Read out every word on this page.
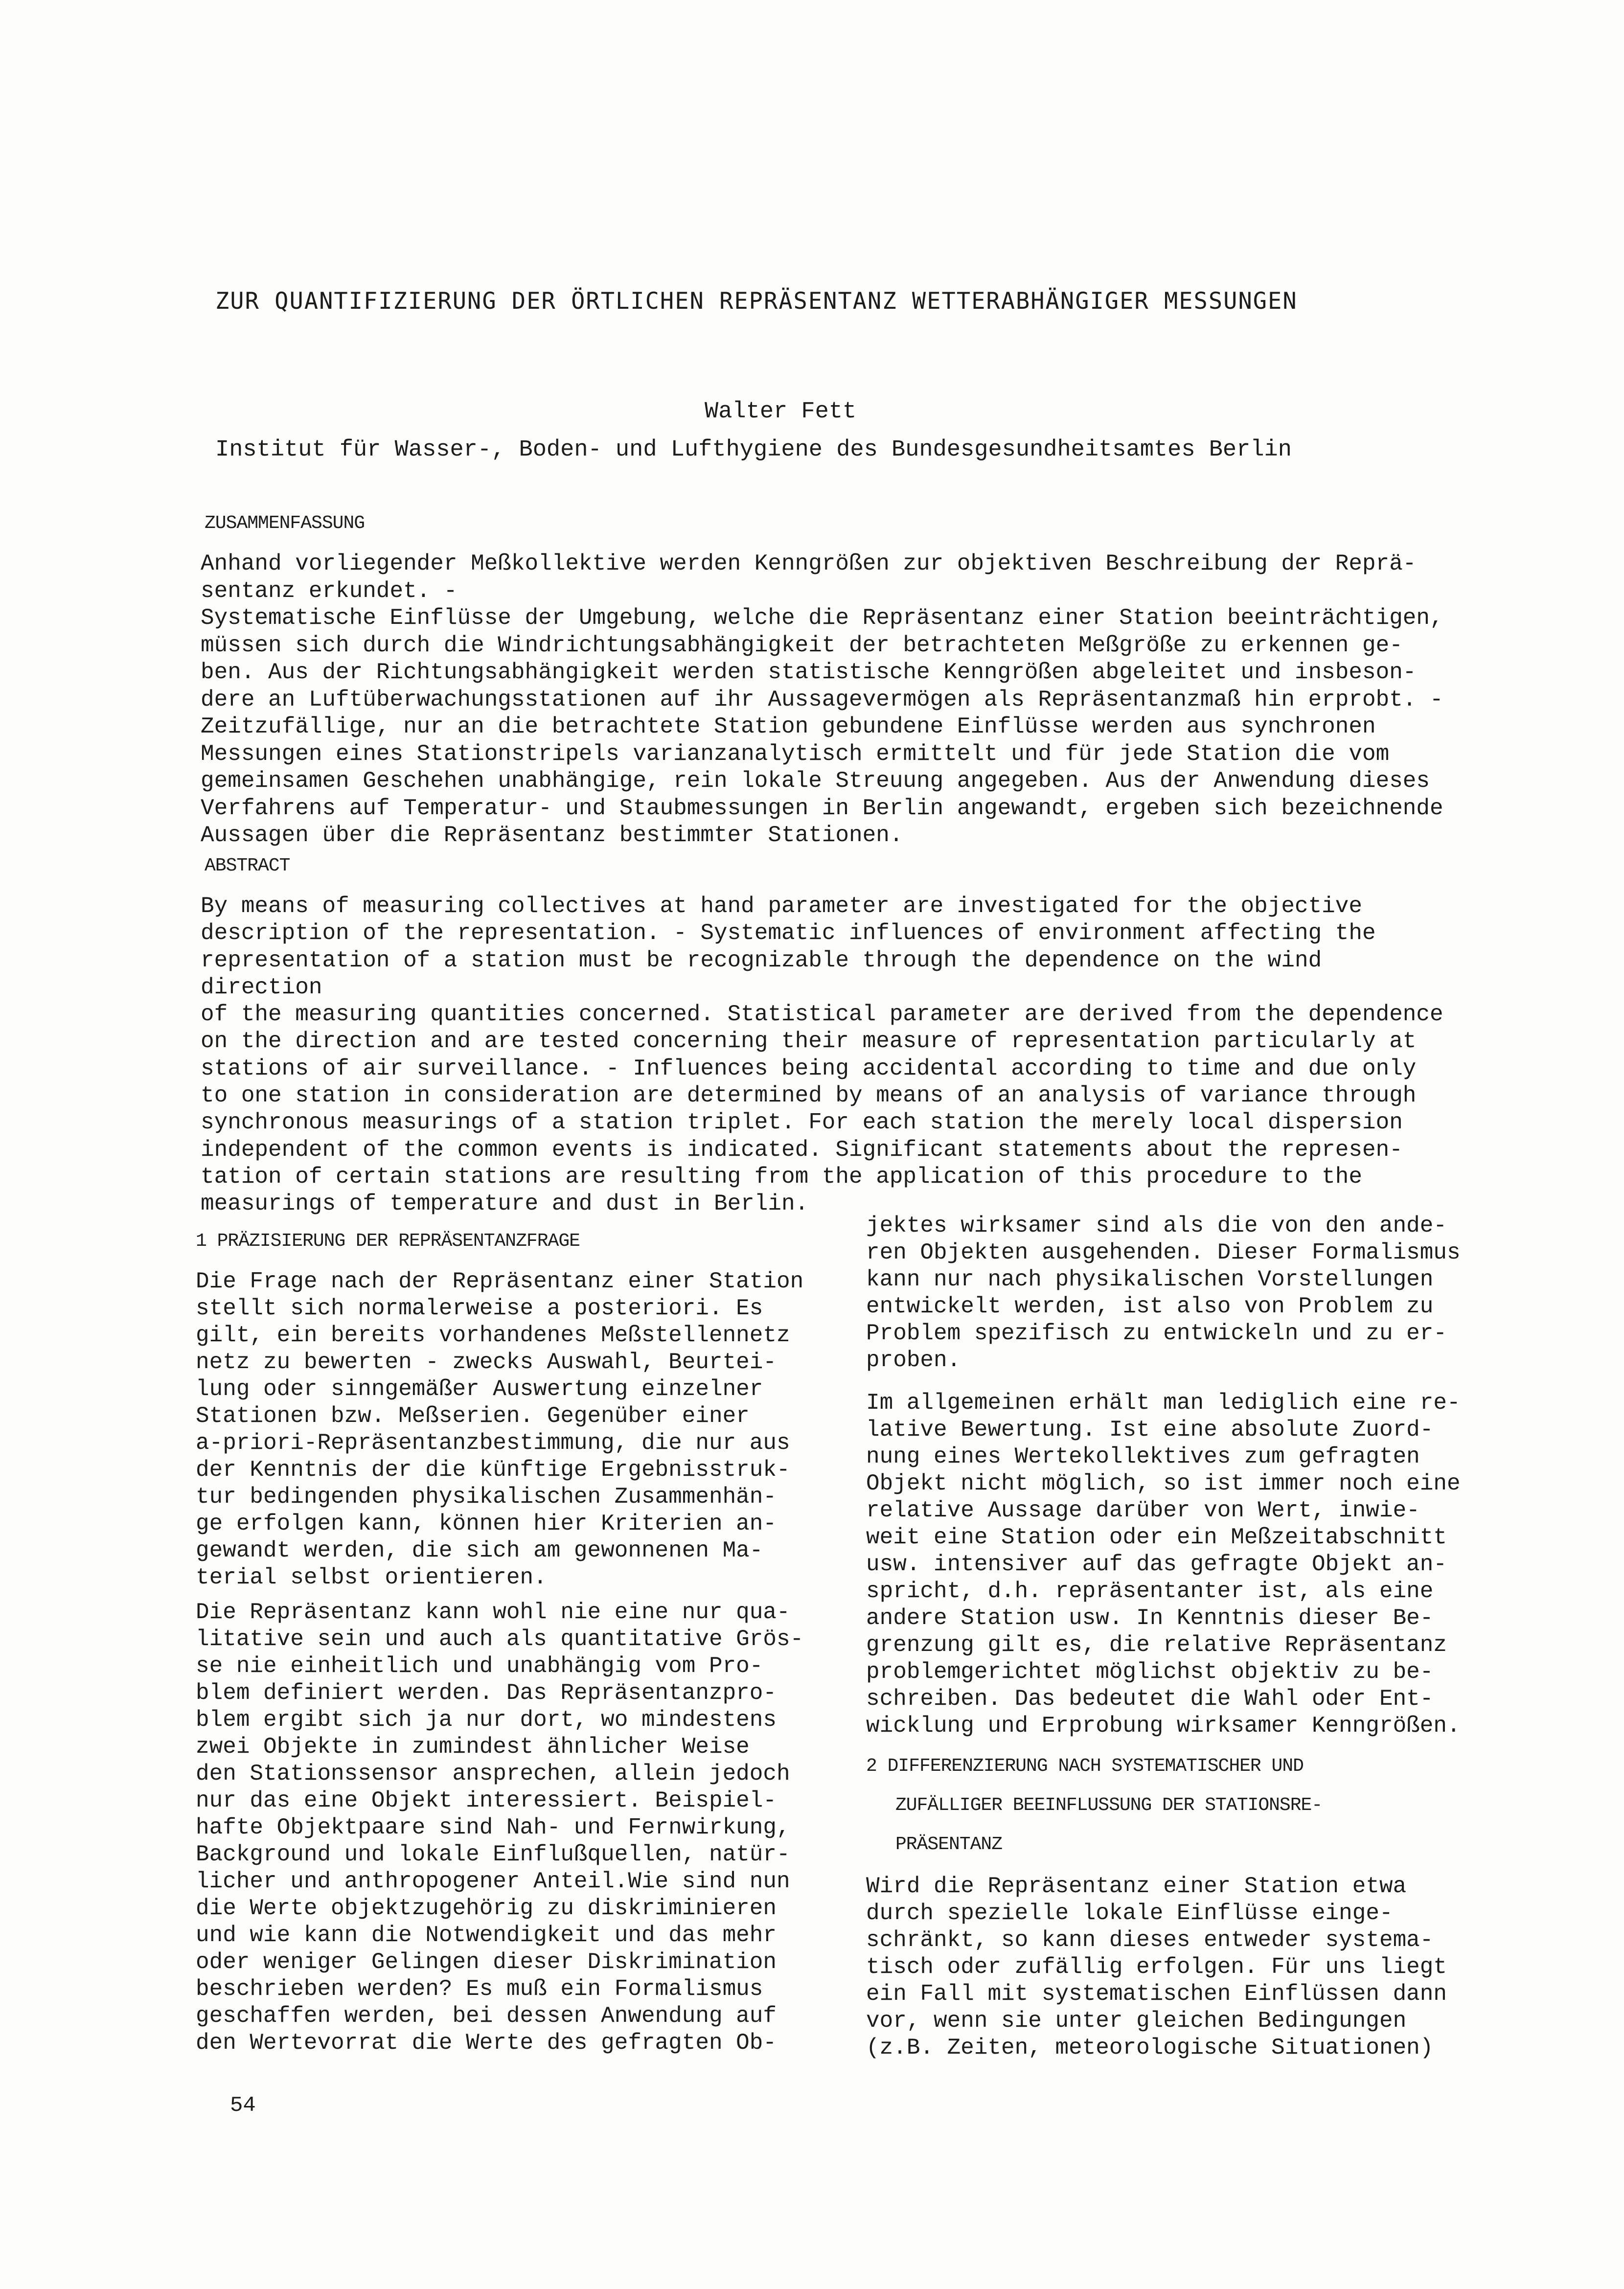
ZUR QUANTIFIZIERUNG DER ÖRTLICHEN REPRÄSENTANZ WETTERABHÄNGIGER MESSUNGEN

Walter Fett

Institut für Wasser-, Boden- und Lufthygiene des Bundesgesundheitsamtes Berlin

ZUSAMMENFASSUNG

Anhand vorliegender Meßkollektive werden Kenngrößen zur objektiven Beschreibung der Reprä-
sentanz erkundet. -
Systematische Einflüsse der Umgebung, welche die Repräsentanz einer Station beeinträchtigen,
müssen sich durch die Windrichtungsabhängigkeit der betrachteten Meßgröße zu erkennen ge-
ben. Aus der Richtungsabhängigkeit werden statistische Kenngrößen abgeleitet und insbeson-
dere an Luftüberwachungsstationen auf ihr Aussagevermögen als Repräsentanzmaß hin erprobt. -
Zeitzufällige, nur an die betrachtete Station gebundene Einflüsse werden aus synchronen
Messungen eines Stationstripels varianzanalytisch ermittelt und für jede Station die vom
gemeinsamen Geschehen unabhängige, rein lokale Streuung angegeben. Aus der Anwendung dieses
Verfahrens auf Temperatur- und Staubmessungen in Berlin angewandt, ergeben sich bezeichnende
Aussagen über die Repräsentanz bestimmter Stationen.

ABSTRACT

By means of measuring collectives at hand parameter are investigated for the objective
description of the representation. - Systematic influences of environment affecting the
representation of a station must be recognizable through the dependence on the wind direction
of the measuring quantities concerned. Statistical parameter are derived from the dependence
on the direction and are tested concerning their measure of representation particularly at
stations of air surveillance. - Influences being accidental according to time and due only
to one station in consideration are determined by means of an analysis of variance through
synchronous measurings of a station triplet. For each station the merely local dispersion
independent of the common events is indicated. Significant statements about the represen-
tation of certain stations are resulting from the application of this procedure to the
measurings of temperature and dust in Berlin.

1 PRÄZISIERUNG DER REPRÄSENTANZFRAGE

Die Frage nach der Repräsentanz einer Station
stellt sich normalerweise a posteriori. Es
gilt, ein bereits vorhandenes Meßstellennetz
netz zu bewerten - zwecks Auswahl, Beurtei-
lung oder sinngemäßer Auswertung einzelner
Stationen bzw. Meßserien. Gegenüber einer
a-priori-Repräsentanzbestimmung, die nur aus
der Kenntnis der die künftige Ergebnisstruk-
tur bedingenden physikalischen Zusammenhän-
ge erfolgen kann, können hier Kriterien an-
gewandt werden, die sich am gewonnenen Ma-
terial selbst orientieren.

Die Repräsentanz kann wohl nie eine nur qua-
litative sein und auch als quantitative Grös-
se nie einheitlich und unabhängig vom Pro-
blem definiert werden. Das Repräsentanzpro-
blem ergibt sich ja nur dort, wo mindestens
zwei Objekte in zumindest ähnlicher Weise
den Stationssensor ansprechen, allein jedoch
nur das eine Objekt interessiert. Beispiel-
hafte Objektpaare sind Nah- und Fernwirkung,
Background und lokale Einflußquellen, natür-
licher und anthropogener Anteil.Wie sind nun
die Werte objektzugehörig zu diskriminieren
und wie kann die Notwendigkeit und das mehr
oder weniger Gelingen dieser Diskrimination
beschrieben werden? Es muß ein Formalismus
geschaffen werden, bei dessen Anwendung auf
den Wertevorrat die Werte des gefragten Ob-

jektes wirksamer sind als die von den ande-
ren Objekten ausgehenden. Dieser Formalismus
kann nur nach physikalischen Vorstellungen
entwickelt werden, ist also von Problem zu
Problem spezifisch zu entwickeln und zu er-
proben.

Im allgemeinen erhält man lediglich eine re-
lative Bewertung. Ist eine absolute Zuord-
nung eines Wertekollektives zum gefragten
Objekt nicht möglich, so ist immer noch eine
relative Aussage darüber von Wert, inwie-
weit eine Station oder ein Meßzeitabschnitt
usw. intensiver auf das gefragte Objekt an-
spricht, d.h. repräsentanter ist, als eine
andere Station usw. In Kenntnis dieser Be-
grenzung gilt es, die relative Repräsentanz
problemgerichtet möglichst objektiv zu be-
schreiben. Das bedeutet die Wahl oder Ent-
wicklung und Erprobung wirksamer Kenngrößen.

2 DIFFERENZIERUNG NACH SYSTEMATISCHER UND

ZUFÄLLIGER BEEINFLUSSUNG DER STATIONSRE-

PRÄSENTANZ

Wird die Repräsentanz einer Station etwa
durch spezielle lokale Einflüsse einge-
schränkt, so kann dieses entweder systema-
tisch oder zufällig erfolgen. Für uns liegt
ein Fall mit systematischen Einflüssen dann
vor, wenn sie unter gleichen Bedingungen
(z.B. Zeiten, meteorologische Situationen)

54
